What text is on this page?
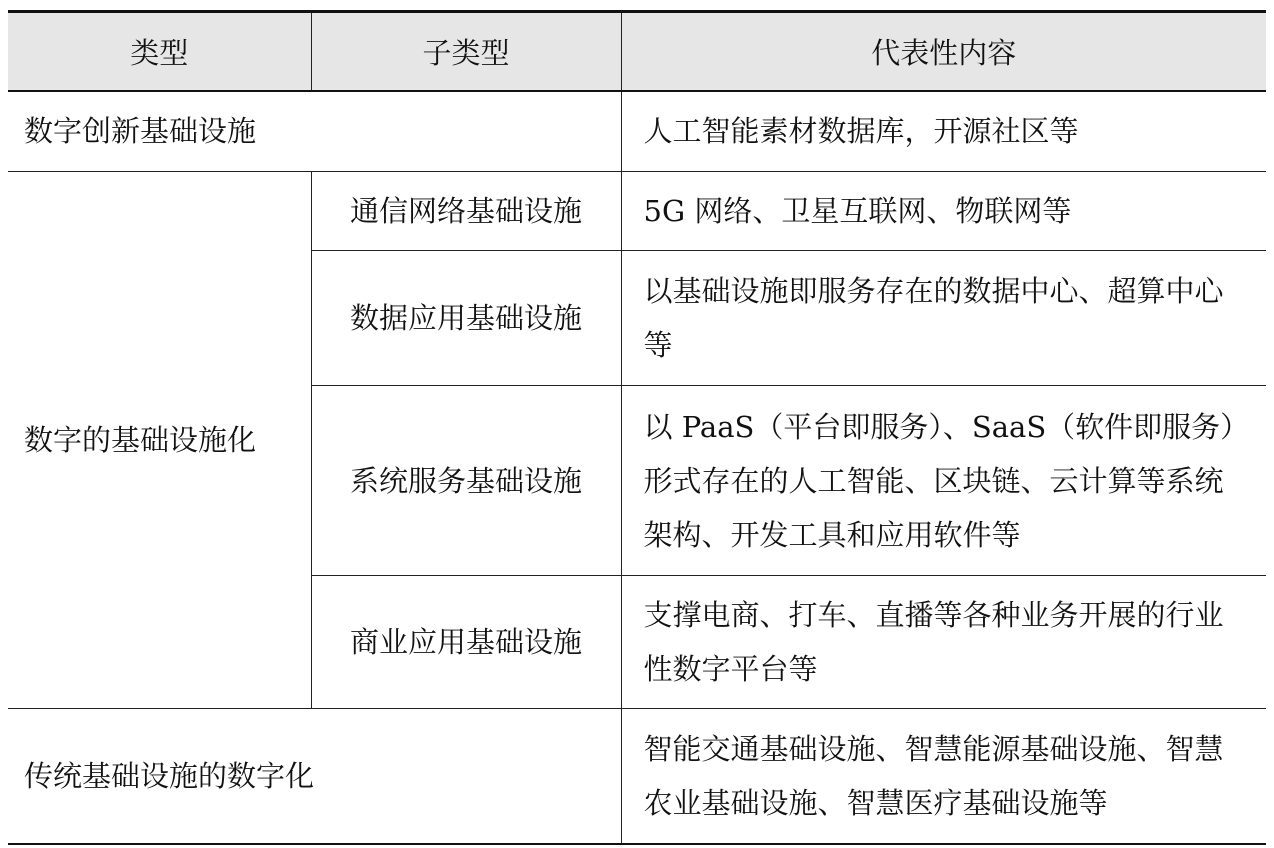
类型	子类型	代表性内容
数字创新基础设施		人工智能素材数据库，开源社区等
数字的基础设施化	通信网络基础设施	5G 网络、卫星互联网、物联网等
	数据应用基础设施	以基础设施即服务存在的数据中心、超算中心等
	系统服务基础设施	以 PaaS（平台即服务）、SaaS（软件即服务）形式存在的人工智能、区块链、云计算等系统架构、开发工具和应用软件等
	商业应用基础设施	支撑电商、打车、直播等各种业务开展的行业性数字平台等
传统基础设施的数字化		智能交通基础设施、智慧能源基础设施、智慧农业基础设施、智慧医疗基础设施等
